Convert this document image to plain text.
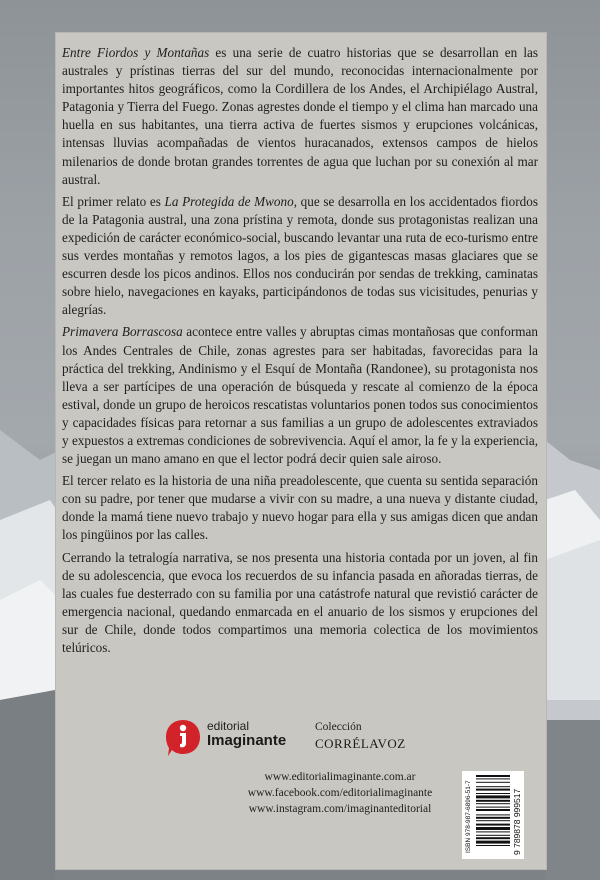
Entre Fiordos y Montañas es una serie de cuatro historias que se desarrollan en las australes y prístinas tierras del sur del mundo, reconocidas internacionalmente por importantes hitos geográficos, como la Cordillera de los Andes, el Archipiélago Austral, Patagonia y Tierra del Fuego. Zonas agrestes donde el tiempo y el clima han marcado una huella en sus habitantes, una tierra activa de fuertes sismos y erupciones volcánicas, intensas lluvias acompañadas de vientos huracanados, extensos campos de hielos milenarios de donde brotan grandes torrentes de agua que luchan por su conexión al mar austral.

El primer relato es La Protegida de Mwono, que se desarrolla en los accidentados fiordos de la Patagonia austral, una zona prístina y remota, donde sus protagonistas realizan una expedición de carácter económico-social, buscando levantar una ruta de eco-turismo entre sus verdes montañas y remotos lagos, a los pies de gigantescas masas glaciares que se escurren desde los picos andinos. Ellos nos conducirán por sendas de trekking, caminatas sobre hielo, navegaciones en kayaks, participándonos de todas sus vicisitudes, penurias y alegrías.

Primavera Borrascosa acontece entre valles y abruptas cimas montañosas que conforman los Andes Centrales de Chile, zonas agrestes para ser habitadas, favorecidas para la práctica del trekking, Andinismo y el Esquí de Montaña (Randonee), su protagonista nos lleva a ser partícipes de una operación de búsqueda y rescate al comienzo de la época estival, donde un grupo de heroicos rescatistas voluntarios ponen todos sus conocimientos y capacidades físicas para retornar a sus familias a un grupo de adolescentes extraviados y expuestos a extremas condiciones de sobrevivencia. Aquí el amor, la fe y la experiencia, se juegan un mano amano en que el lector podrá decir quien sale airoso.

El tercer relato es la historia de una niña preadolescente, que cuenta su sentida separación con su padre, por tener que mudarse a vivir con su madre, a una nueva y distante ciudad, donde la mamá tiene nuevo trabajo y nuevo hogar para ella y sus amigas dicen que andan los pingüinos por las calles.

Cerrando la tetralogía narrativa, se nos presenta una historia contada por un joven, al fin de su adolescencia, que evoca los recuerdos de su infancia pasada en añoradas tierras, de las cuales fue desterrado con su familia por una catástrofe natural que revistió carácter de emergencia nacional, quedando enmarcada en el anuario de los sismos y erupciones del sur de Chile, donde todos compartimos una memoria colectica de los movimientos telúricos.

editorial
Imaginante
Colección
CORRÉLAVOZ
www.editorialimaginante.com.ar
www.facebook.com/editorialimaginante
www.instagram.com/imaginanteditorial	ISBN 978-987-6896-51-7	9 789878 999517
